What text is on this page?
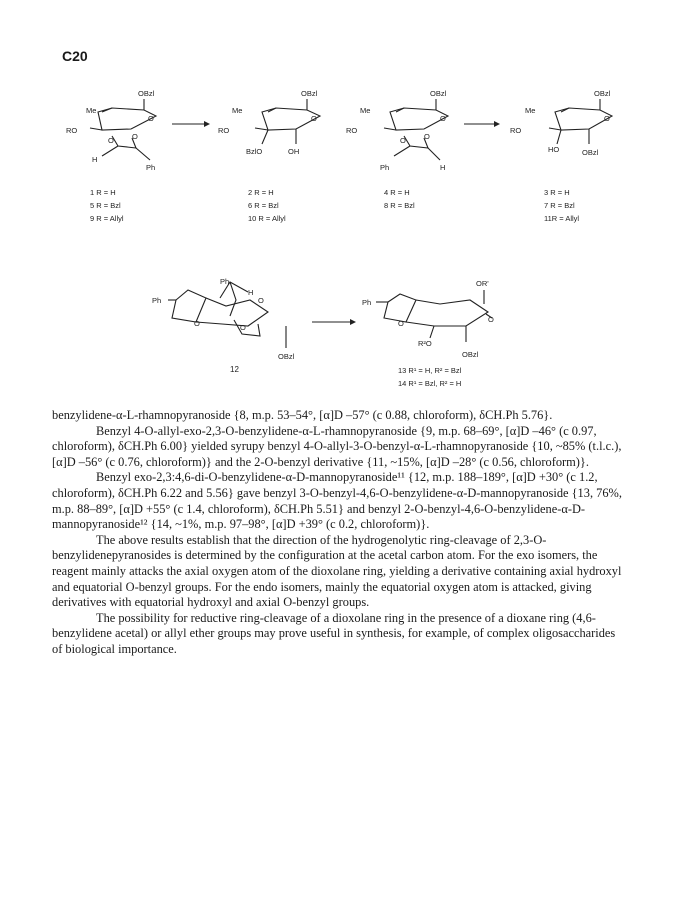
C20
OBzl
Me
O
RO
O O
H
Ph
OBzl
Me
O
RO
BzlO	OH
OBzl
Me
O
RO
O O
Ph	H
OBzl
Me
O
RO
HO	OBzl
1 R = H
5 R = Bzl
9 R = Allyl
2 R = H
6 R = Bzl
10 R = Allyl
4 R = H
8 R = Bzl
3 R = H
7 R = Bzl
11R = Allyl
Ph
H
Ph	O
O	O
OBzl
12
Ph
OR'
O
O
R²O
OBzl
13 R¹ = H, R² = Bzl
14 R¹ = Bzl, R² = H

benzylidene-α-L-rhamnopyranoside {8, m.p. 53–54°, [α]D –57° (c 0.88, chloroform), δCH.Ph 5.76}.

Benzyl 4-O-allyl-exo-2,3-O-benzylidene-α-L-rhamnopyranoside {9, m.p. 68–69°, [α]D –46° (c 0.97, chloroform), δCH.Ph 6.00} yielded syrupy benzyl 4-O-allyl-3-O-benzyl-α-L-rhamnopyranoside {10, ~85% (t.l.c.), [α]D –56° (c 0.76, chloroform)} and the 2-O-benzyl derivative {11, ~15%, [α]D –28° (c 0.56, chloroform)}.

Benzyl exo-2,3:4,6-di-O-benzylidene-α-D-mannopyranoside¹¹ {12, m.p. 188–189°, [α]D +30° (c 1.2, chloroform), δCH.Ph 6.22 and 5.56} gave benzyl 3-O-benzyl-4,6-O-benzylidene-α-D-mannopyranoside {13, 76%, m.p. 88–89°, [α]D +55° (c 1.4, chloroform), δCH.Ph 5.51} and benzyl 2-O-benzyl-4,6-O-benzylidene-α-D-mannopyranoside¹² {14, ~1%, m.p. 97–98°, [α]D +39° (c 0.2, chloroform)}.

The above results establish that the direction of the hydrogenolytic ring-cleavage of 2,3-O-benzylidenepyranosides is determined by the configuration at the acetal carbon atom. For the exo isomers, the reagent mainly attacks the axial oxygen atom of the dioxolane ring, yielding a derivative containing axial hydroxyl and equatorial O-benzyl groups. For the endo isomers, mainly the equatorial oxygen atom is attacked, giving derivatives with equatorial hydroxyl and axial O-benzyl groups.

The possibility for reductive ring-cleavage of a dioxolane ring in the presence of a dioxane ring (4,6-benzylidene acetal) or allyl ether groups may prove useful in synthesis, for example, of complex oligosaccharides of biological importance.
